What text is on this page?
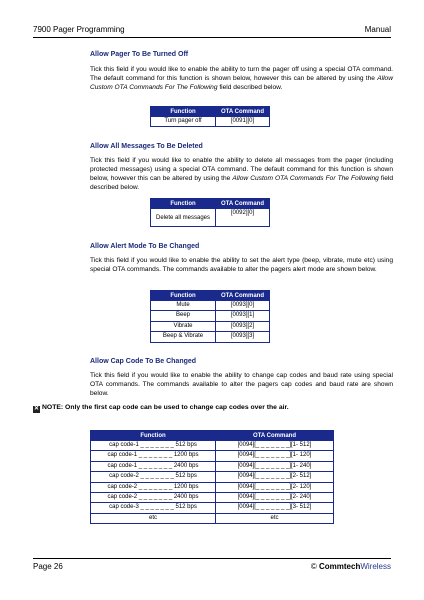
7900 Pager Programming	Manual
Allow Pager To Be Turned Off
Tick this field if you would like to enable the ability to turn the pager off using a special OTA command. The default command for this function is shown below, however this can be altered by using the Allow Custom OTA Commands For The Following field described below.
Function	OTA Command
Turn pager off	[0091][0]
Allow All Messages To Be Deleted
Tick this field if you would like to enable the ability to delete all messages from the pager (including protected messages) using a special OTA command. The default command for this function is shown below, however this can be altered by using the Allow Custom OTA Commands For The Following field described below.
Function	OTA Command
Delete all messages	[0092][0]
Allow Alert Mode To Be Changed
Tick this field if you would like to enable the ability to set the alert type (beep, vibrate, mute etc) using special OTA commands. The commands available to alter the pagers alert mode are shown below.
Function	OTA Command
Mute	[0093][0]
Beep	[0093][1]
Vibrate	[0093][2]
Beep & Vibrate	[0093][3]
Allow Cap Code To Be Changed
Tick this field if you would like to enable the ability to change cap codes and baud rate using special OTA commands. The commands available to alter the pagers cap codes and baud rate are shown below.
✕ NOTE: Only the first cap code can be used to change cap codes over the air.
Function	OTA Command
cap code-1 _ _ _ _ _ _ _ 512 bps	[0094][_ _ _ _ _ _ _][1- 512]
cap code-1 _ _ _ _ _ _ _ 1200 bps	[0094][_ _ _ _ _ _ _][1- 120]
cap code-1 _ _ _ _ _ _ _ 2400 bps	[0094][_ _ _ _ _ _ _][1- 240]
cap code-2 _ _ _ _ _ _ _ 512 bps	[0094][_ _ _ _ _ _ _][2- 512]
cap code-2 _ _ _ _ _ _ _ 1200 bps	[0094][_ _ _ _ _ _ _][2- 120]
cap code-2 _ _ _ _ _ _ _ 2400 bps	[0094][_ _ _ _ _ _ _][2- 240]
cap code-3 _ _ _ _ _ _ _ 512 bps	[0094][_ _ _ _ _ _ _][3- 512]
etc	etc
Page 26	© CommtechWireless
